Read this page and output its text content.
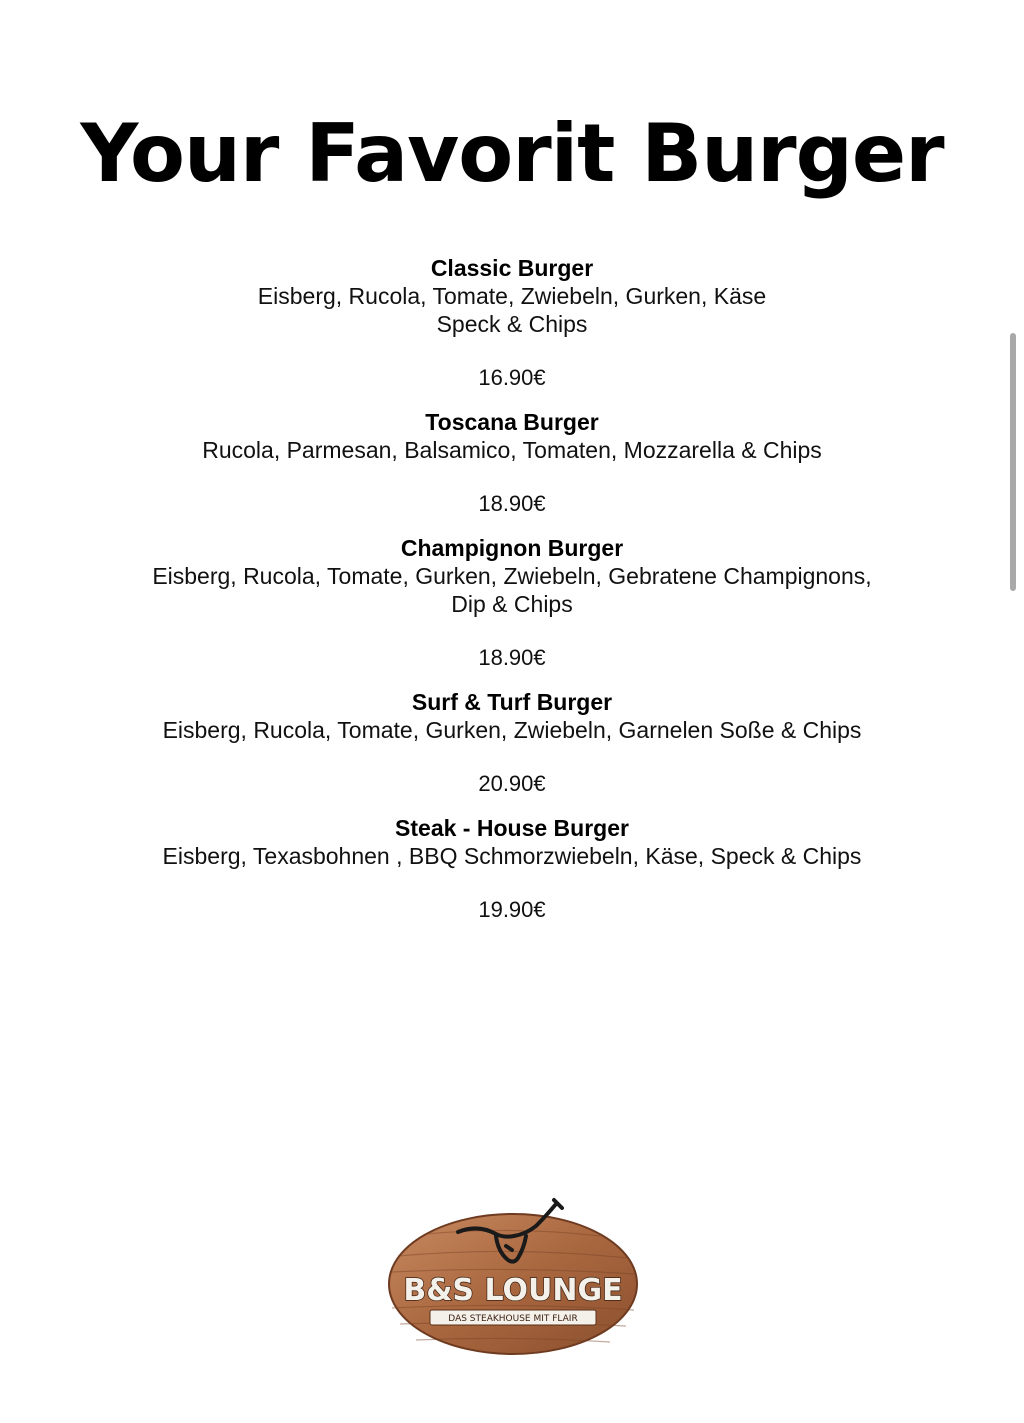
Your Favorit Burger
Classic Burger
Eisberg, Rucola, Tomate, Zwiebeln, Gurken, Käse
Speck & Chips
16.90€
Toscana Burger
Rucola, Parmesan, Balsamico, Tomaten, Mozzarella & Chips
18.90€
Champignon Burger
Eisberg, Rucola, Tomate, Gurken, Zwiebeln, Gebratene Champignons,
Dip & Chips
18.90€
Surf & Turf Burger
Eisberg, Rucola, Tomate, Gurken, Zwiebeln, Garnelen Soße & Chips
20.90€
Steak - House Burger
Eisberg, Texasbohnen , BBQ Schmorzwiebeln, Käse, Speck & Chips
19.90€
B&S LOUNGE
DAS STEAKHOUSE MIT FLAIR
